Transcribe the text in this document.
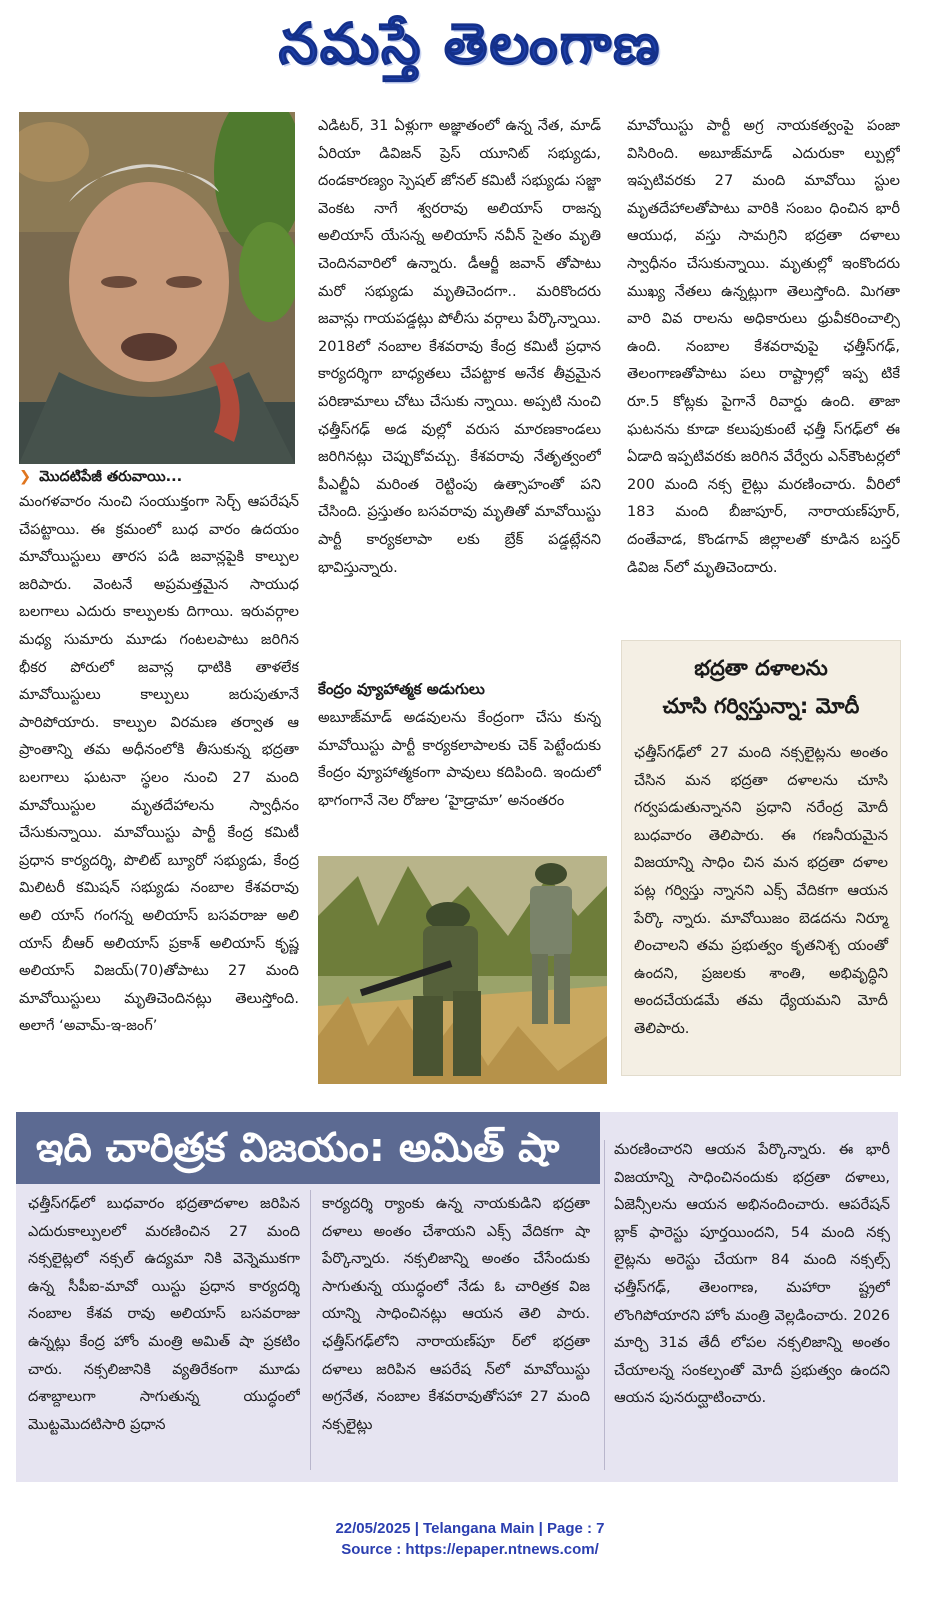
నమస్తే తెలంగాణ
❯ మొదటిపేజీ తరువాయి...

మంగళవారం నుంచి సంయుక్తంగా సెర్చ్ ఆపరేషన్ చేపట్టాయి. ఈ క్రమంలో బుధ వారం ఉదయం మావోయిస్టులు తారస పడి జవాన్లపైకి కాల్పుల జరిపారు. వెంటనే అప్రమత్తమైన సాయుధ బలగాలు ఎదురు కాల్పులకు దిగాయి. ఇరువర్గాల మధ్య సుమారు మూడు గంటలపాటు జరిగిన భీకర పోరులో జవాన్ల ధాటికి తాళలేక మావోయిస్టులు కాల్పులు జరుపుతూనే పారిపోయారు. కాల్పుల విరమణ తర్వాత ఆ ప్రాంతాన్ని తమ అధీనంలోకి తీసుకున్న భద్రతా బలగాలు ఘటనా స్థలం నుంచి 27 మంది మావోయిస్టుల మృతదేహాలను స్వాధీనం చేసుకున్నాయి. మావోయిస్టు పార్టీ కేంద్ర కమిటీ ప్రధాన కార్యదర్శి, పొలిట్ బ్యూరో సభ్యుడు, కేంద్ర మిలిటరీ కమిషన్ సభ్యుడు నంబాల కేశవరావు అలి యాస్ గంగన్న అలియాస్ బసవరాజు అలి యాస్ బీఆర్ అలియాస్ ప్రకాశ్ అలియాస్ కృష్ణ అలియాస్ విజయ్(70)తోపాటు 27 మంది మావోయిస్టులు మృతిచెందినట్లు తెలుస్తోంది. అలాగే ‘అవామ్-ఇ-జంగ్’

ఎడిటర్, 31 ఏళ్లుగా అజ్ఞాతంలో ఉన్న నేత, మాడ్ ఏరియా డివిజన్ ప్రెస్ యూనిట్ సభ్యుడు, దండకారణ్యం స్పెషల్ జోనల్ కమిటీ సభ్యుడు సజ్జా వెంకట నాగే శ్వరరావు అలియాస్ రాజన్న అలియాస్ యేసన్న అలియాస్ నవీన్ సైతం మృతి చెందినవారిలో ఉన్నారు. డీఆర్జీ జవాన్ తోపాటు మరో సభ్యుడు మృతిచెందగా.. మరికొందరు జవాన్లు గాయపడ్డట్లు పోలీసు వర్గాలు పేర్కొన్నాయి. 2018లో నంబాల కేశవరావు కేంద్ర కమిటీ ప్రధాన కార్యదర్శిగా బాధ్యతలు చేపట్టాక అనేక తీవ్రమైన పరిణామాలు చోటు చేసుకు న్నాయి. అప్పటి నుంచి ఛత్తీస్‌గఢ్ అడ వుల్లో వరుస మారణకాండలు జరిగినట్లు చెప్పుకోవచ్చు. కేశవరావు నేతృత్వంలో పీఎల్జీఏ మరింత రెట్టింపు ఉత్సాహంతో పని చేసింది. ప్రస్తుతం బసవరావు మృతితో మావోయిస్టు పార్టీ కార్యకలాపా లకు బ్రేక్ పడ్డట్లేనని భావిస్తున్నారు.

కేంద్రం వ్యూహాత్మక అడుగులు

అబూజ్‌మాడ్ అడవులను కేంద్రంగా చేసు కున్న మావోయిస్టు పార్టీ కార్యకలాపాలకు చెక్ పెట్టేందుకు కేంద్రం వ్యూహాత్మకంగా పావులు కదిపింది. ఇందులో భాగంగానే నెల రోజుల ‘హైడ్రామా’ అనంతరం

మావోయిస్టు పార్టీ అగ్ర నాయకత్వంపై పంజా విసిరింది. అబూజ్‌మాడ్ ఎదురుకా ల్పుల్లో ఇప్పటివరకు 27 మంది మావోయి స్టుల మృతదేహాలతోపాటు వారికి సంబం ధించిన భారీ ఆయుధ, వస్తు సామగ్రిని భద్రతా దళాలు స్వాధీనం చేసుకున్నాయి. మృతుల్లో ఇంకొందరు ముఖ్య నేతలు ఉన్నట్లుగా తెలుస్తోంది. మిగతా వారి వివ రాలను అధికారులు ధ్రువీకరించాల్సి ఉంది. నంబాల కేశవరావుపై ఛత్తీస్‌గఢ్, తెలంగాణతోపాటు పలు రాష్ట్రాల్లో ఇప్ప టికే రూ.5 కోట్లకు పైగానే రివార్డు ఉంది. తాజా ఘటనను కూడా కలుపుకుంటే ఛత్తీ స్‌గఢ్‌లో ఈ ఏడాది ఇప్పటివరకు జరిగిన వేర్వేరు ఎన్‌కౌంటర్లలో 200 మంది నక్స లైట్లు మరణించారు. వీరిలో 183 మంది బీజాపూర్, నారాయణ్‌పూర్, దంతేవాడ, కొండగావ్ జిల్లాలతో కూడిన బస్తర్ డివిజ న్‌లో మృతిచెందారు.

భద్రతా దళాలను
చూసి గర్విస్తున్నా: మోదీ

ఛత్తీస్‌గఢ్‌లో 27 మంది నక్సలైట్లను అంతం చేసిన మన భద్రతా దళాలను చూసి గర్వపడుతున్నానని ప్రధాని నరేంద్ర మోదీ బుధవారం తెలిపారు. ఈ గణనీయమైన విజయాన్ని సాధిం చిన మన భద్రతా దళాల పట్ల గర్విస్తు న్నానని ఎక్స్ వేదికగా ఆయన పేర్కొ న్నారు. మావోయిజం బెడదను నిర్మూ లించాలని తమ ప్రభుత్వం కృతనిశ్చ యంతో ఉందని, ప్రజలకు శాంతి, అభివృద్ధిని అందచేయడమే తమ ధ్యేయమని మోదీ తెలిపారు.

ఇది చారిత్రక విజయం: అమిత్ షా

ఛత్తీస్‌గఢ్‌లో బుధవారం భద్రతాదళాల జరిపిన ఎదురుకాల్పులలో మరణించిన 27 మంది నక్సలైట్లలో నక్సల్ ఉద్యమా నికి వెన్నెముకగా ఉన్న సీపీఐ-మావో యిస్టు ప్రధాన కార్యదర్శి నంబాల కేశవ రావు అలియాస్ బసవరాజు ఉన్నట్లు కేంద్ర హోం మంత్రి అమిత్ షా ప్రకటిం చారు. నక్సలిజానికి వ్యతిరేకంగా మూడు దశాబ్దాలుగా సాగుతున్న యుద్ధంలో మొట్టమొదటిసారి ప్రధాన

కార్యదర్శి ర్యాంకు ఉన్న నాయకుడిని భద్రతా దళాలు అంతం చేశాయని ఎక్స్ వేదికగా షా పేర్కొన్నారు. నక్సలిజాన్ని అంతం చేసేందుకు సాగుతున్న యుద్ధంలో నేడు ఓ చారిత్రక విజ యాన్ని సాధించినట్లు ఆయన తెలి పారు. ఛత్తీస్‌గఢ్‌లోని నారాయణ్‌పూ ర్‌లో భద్రతా దళాలు జరిపిన ఆపరేష న్‌లో మావోయిస్టు అగ్రనేత, నంబాల కేశవరావుతోసహా 27 మంది నక్సలైట్లు

మరణించారని ఆయన పేర్కొన్నారు. ఈ భారీ విజయాన్ని సాధించినందుకు భద్రతా దళాలు, ఏజెన్సీలను ఆయన అభినందించారు. ఆపరేషన్ బ్లాక్ ఫారెస్టు పూర్తయిందని, 54 మంది నక్స లైట్లను అరెస్టు చేయగా 84 మంది నక్సల్స్ ఛత్తీస్‌గఢ్, తెలంగాణ, మహారా ష్ట్రలో లొంగిపోయారని హోం మంత్రి వెల్లడించారు. 2026 మార్చి 31వ తేదీ లోపల నక్సలిజాన్ని అంతం చేయాలన్న సంకల్పంతో మోదీ ప్రభుత్వం ఉందని ఆయన పునరుద్ఘాటించారు.

22/05/2025 | Telangana Main | Page : 7
Source : https://epaper.ntnews.com/
